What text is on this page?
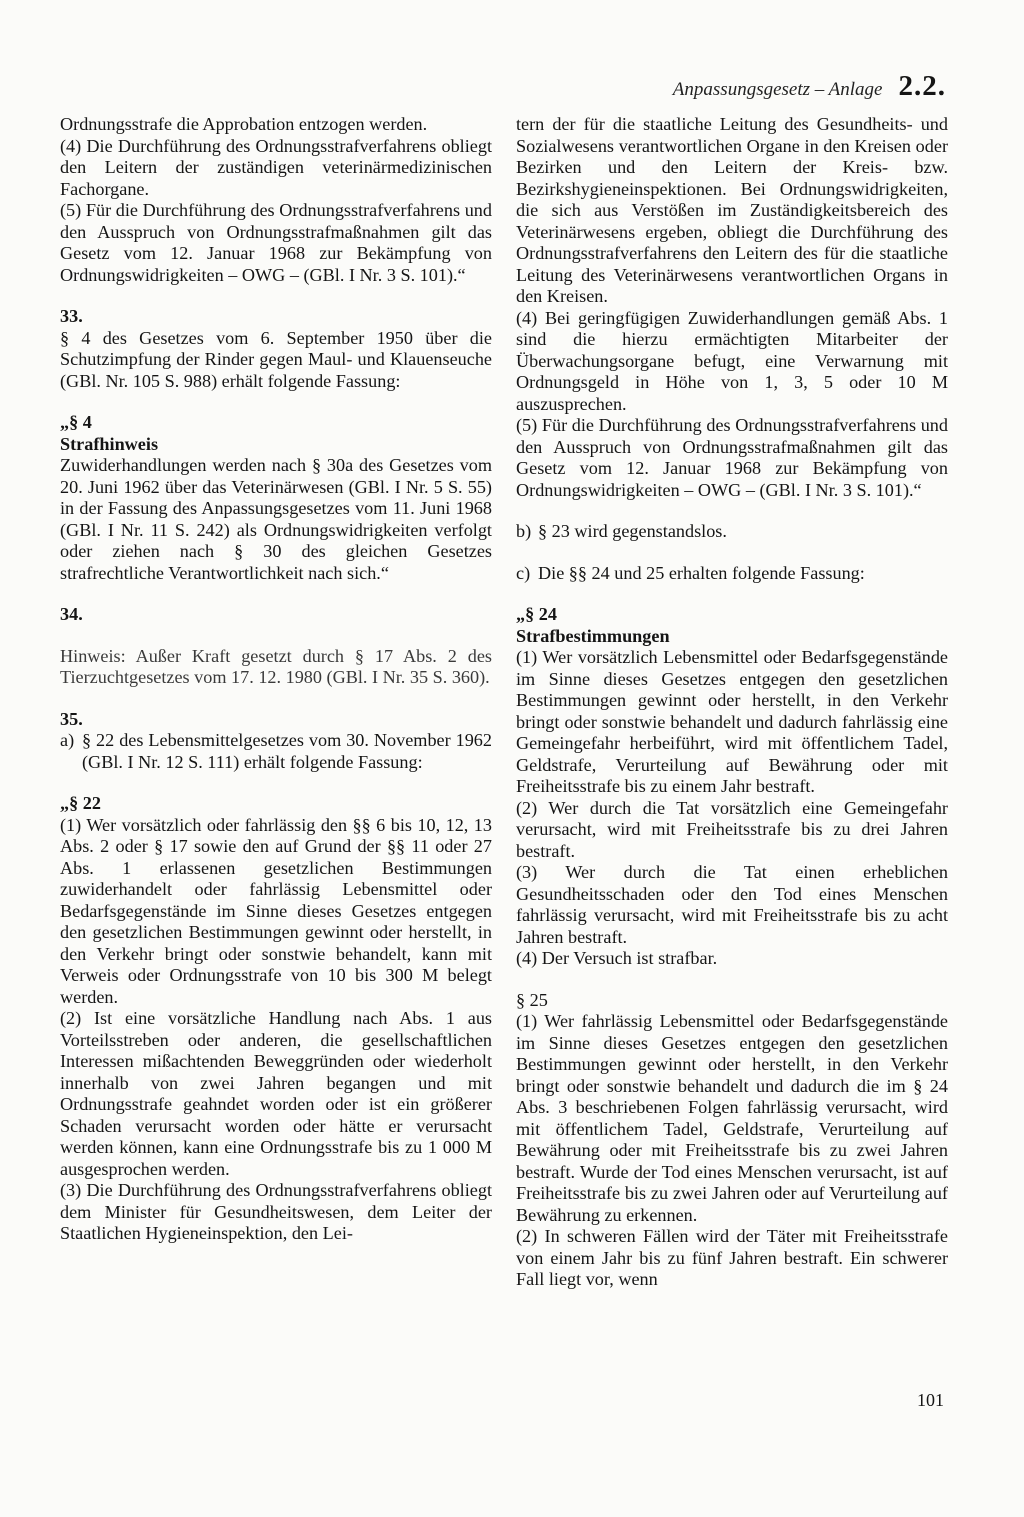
Anpassungsgesetz – Anlage 2.2.

Ordnungsstrafe die Approbation entzogen werden.

(4) Die Durchführung des Ordnungsstrafverfahrens obliegt den Leitern der zuständigen veterinärmedizinischen Fachorgane.

(5) Für die Durchführung des Ordnungsstrafverfahrens und den Ausspruch von Ordnungsstrafmaßnahmen gilt das Gesetz vom 12. Januar 1968 zur Bekämpfung von Ordnungswidrigkeiten – OWG – (GBl. I Nr. 3 S. 101).“

33.

§ 4 des Gesetzes vom 6. September 1950 über die Schutzimpfung der Rinder gegen Maul- und Klauenseuche (GBl. Nr. 105 S. 988) erhält folgende Fassung:

„§ 4

Strafhinweis

Zuwiderhandlungen werden nach § 30a des Gesetzes vom 20. Juni 1962 über das Veterinärwesen (GBl. I Nr. 5 S. 55) in der Fassung des Anpassungsgesetzes vom 11. Juni 1968 (GBl. I Nr. 11 S. 242) als Ordnungswidrigkeiten verfolgt oder ziehen nach § 30 des gleichen Gesetzes strafrechtliche Verantwortlichkeit nach sich.“

34.

Hinweis: Außer Kraft gesetzt durch § 17 Abs. 2 des Tierzuchtgesetzes vom 17. 12. 1980 (GBl. I Nr. 35 S. 360).

35.

a) § 22 des Lebensmittelgesetzes vom 30. November 1962 (GBl. I Nr. 12 S. 111) erhält folgende Fassung:

„§ 22

(1) Wer vorsätzlich oder fahrlässig den §§ 6 bis 10, 12, 13 Abs. 2 oder § 17 sowie den auf Grund der §§ 11 oder 27 Abs. 1 erlassenen gesetzlichen Bestimmungen zuwiderhandelt oder fahrlässig Lebensmittel oder Bedarfsgegenstände im Sinne dieses Gesetzes entgegen den gesetzlichen Bestimmungen gewinnt oder herstellt, in den Verkehr bringt oder sonstwie behandelt, kann mit Verweis oder Ordnungsstrafe von 10 bis 300 M belegt werden.

(2) Ist eine vorsätzliche Handlung nach Abs. 1 aus Vorteilsstreben oder anderen, die gesellschaftlichen Interessen mißachtenden Beweggründen oder wiederholt innerhalb von zwei Jahren begangen und mit Ordnungsstrafe geahndet worden oder ist ein größerer Schaden verursacht worden oder hätte er verursacht werden können, kann eine Ordnungsstrafe bis zu 1 000 M ausgesprochen werden.

(3) Die Durchführung des Ordnungsstrafverfahrens obliegt dem Minister für Gesundheitswesen, dem Leiter der Staatlichen Hygieneinspektion, den Lei-

tern der für die staatliche Leitung des Gesundheits- und Sozialwesens verantwortlichen Organe in den Kreisen oder Bezirken und den Leitern der Kreis- bzw. Bezirkshygieneinspektionen. Bei Ordnungswidrigkeiten, die sich aus Verstößen im Zuständigkeitsbereich des Veterinärwesens ergeben, obliegt die Durchführung des Ordnungsstrafverfahrens den Leitern des für die staatliche Leitung des Veterinärwesens verantwortlichen Organs in den Kreisen.

(4) Bei geringfügigen Zuwiderhandlungen gemäß Abs. 1 sind die hierzu ermächtigten Mitarbeiter der Überwachungsorgane befugt, eine Verwarnung mit Ordnungsgeld in Höhe von 1, 3, 5 oder 10 M auszusprechen.

(5) Für die Durchführung des Ordnungsstrafverfahrens und den Ausspruch von Ordnungsstrafmaßnahmen gilt das Gesetz vom 12. Januar 1968 zur Bekämpfung von Ordnungswidrigkeiten – OWG – (GBl. I Nr. 3 S. 101).“

b) § 23 wird gegenstandslos.
c) Die §§ 24 und 25 erhalten folgende Fassung:

„§ 24

Strafbestimmungen

(1) Wer vorsätzlich Lebensmittel oder Bedarfsgegenstände im Sinne dieses Gesetzes entgegen den gesetzlichen Bestimmungen gewinnt oder herstellt, in den Verkehr bringt oder sonstwie behandelt und dadurch fahrlässig eine Gemeingefahr herbeiführt, wird mit öffentlichem Tadel, Geldstrafe, Verurteilung auf Bewährung oder mit Freiheitsstrafe bis zu einem Jahr bestraft.

(2) Wer durch die Tat vorsätzlich eine Gemeingefahr verursacht, wird mit Freiheitsstrafe bis zu drei Jahren bestraft.

(3) Wer durch die Tat einen erheblichen Gesundheitsschaden oder den Tod eines Menschen fahrlässig verursacht, wird mit Freiheitsstrafe bis zu acht Jahren bestraft.

(4) Der Versuch ist strafbar.

§ 25

(1) Wer fahrlässig Lebensmittel oder Bedarfsgegenstände im Sinne dieses Gesetzes entgegen den gesetzlichen Bestimmungen gewinnt oder herstellt, in den Verkehr bringt oder sonstwie behandelt und dadurch die im § 24 Abs. 3 beschriebenen Folgen fahrlässig verursacht, wird mit öffentlichem Tadel, Geldstrafe, Verurteilung auf Bewährung oder mit Freiheitsstrafe bis zu zwei Jahren bestraft. Wurde der Tod eines Menschen verursacht, ist auf Freiheitsstrafe bis zu zwei Jahren oder auf Verurteilung auf Bewährung zu erkennen.

(2) In schweren Fällen wird der Täter mit Freiheitsstrafe von einem Jahr bis zu fünf Jahren bestraft. Ein schwerer Fall liegt vor, wenn

101
